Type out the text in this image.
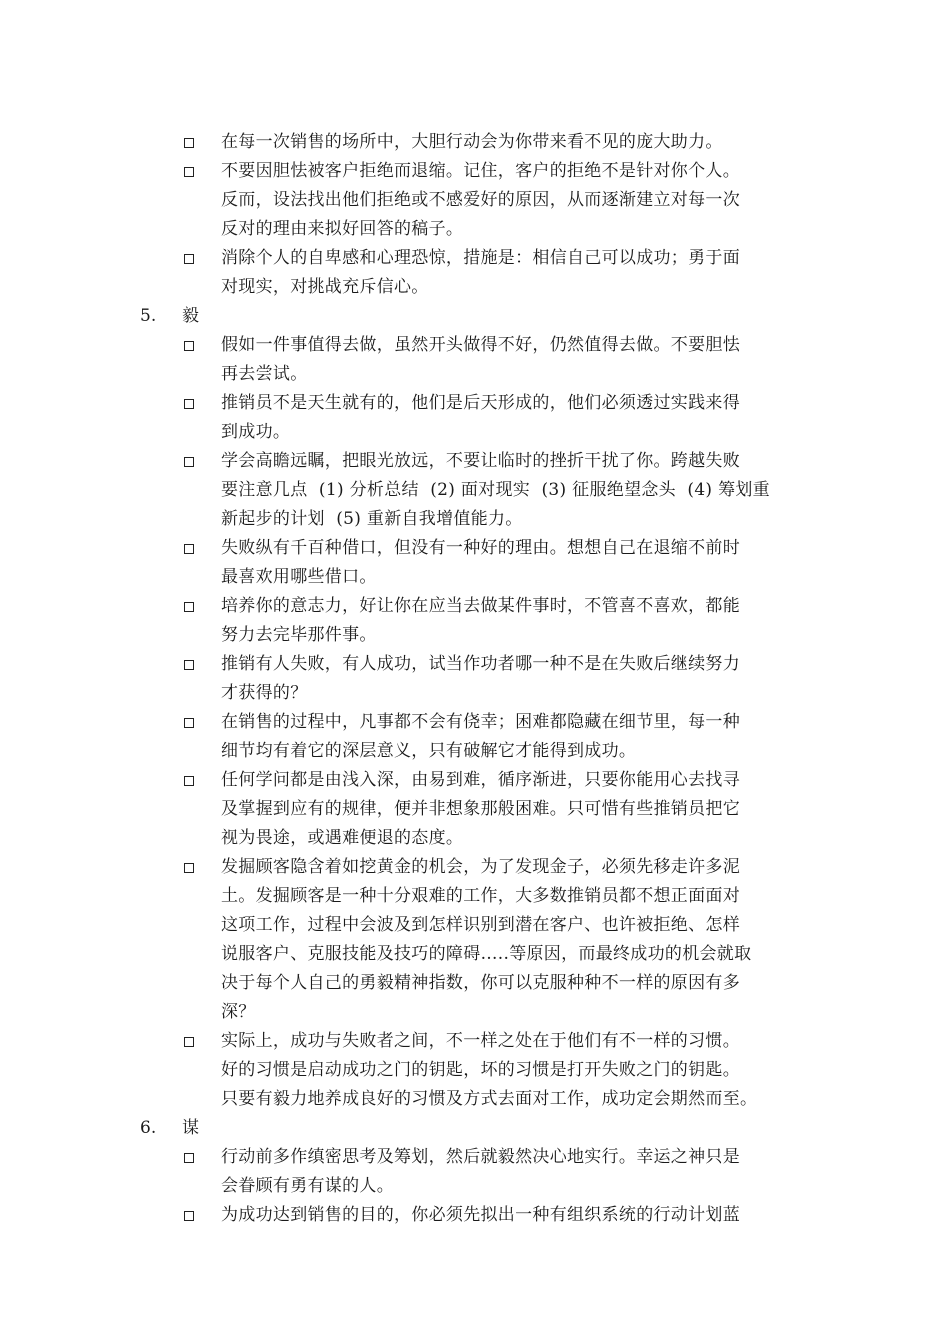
在每一次销售的场所中，大胆行动会为你带来看不见的庞大助力。
不要因胆怯被客户拒绝而退缩。记住，客户的拒绝不是针对你个人。
反而，设法找出他们拒绝或不感爱好的原因，从而逐渐建立对每一次
反对的理由来拟好回答的稿子。
消除个人的自卑感和心理恐惊，措施是：相信自己可以成功；勇于面
对现实，对挑战充斥信心。
5. 毅
假如一件事值得去做，虽然开头做得不好，仍然值得去做。不要胆怯
再去尝试。
推销员不是天生就有的，他们是后天形成的，他们必须透过实践来得
到成功。
学会高瞻远瞩，把眼光放远，不要让临时的挫折干扰了你。跨越失败
要注意几点  (1) 分析总结  (2) 面对现实  (3) 征服绝望念头  (4) 筹划重
新起步的计划  (5) 重新自我增值能力。
失败纵有千百种借口，但没有一种好的理由。想想自己在退缩不前时
最喜欢用哪些借口。
培养你的意志力，好让你在应当去做某件事时，不管喜不喜欢，都能
努力去完毕那件事。
推销有人失败，有人成功，试当作功者哪一种不是在失败后继续努力
才获得的？
在销售的过程中，凡事都不会有侥幸；困难都隐藏在细节里，每一种
细节均有着它的深层意义，只有破解它才能得到成功。
任何学问都是由浅入深，由易到难，循序渐进，只要你能用心去找寻
及掌握到应有的规律，便并非想象那般困难。只可惜有些推销员把它
视为畏途，或遇难便退的态度。
发掘顾客隐含着如挖黄金的机会，为了发现金子，必须先移走许多泥
土。发掘顾客是一种十分艰难的工作，大多数推销员都不想正面面对
这项工作，过程中会波及到怎样识别到潜在客户、也许被拒绝、怎样
说服客户、克服技能及技巧的障碍…..等原因，而最终成功的机会就取
决于每个人自己的勇毅精神指数，你可以克服种种不一样的原因有多
深？
实际上，成功与失败者之间，不一样之处在于他们有不一样的习惯。
好的习惯是启动成功之门的钥匙，坏的习惯是打开失败之门的钥匙。
只要有毅力地养成良好的习惯及方式去面对工作，成功定会期然而至。
6. 谋
行动前多作缜密思考及筹划，然后就毅然决心地实行。幸运之神只是
会眷顾有勇有谋的人。
为成功达到销售的目的，你必须先拟出一种有组织系统的行动计划蓝
